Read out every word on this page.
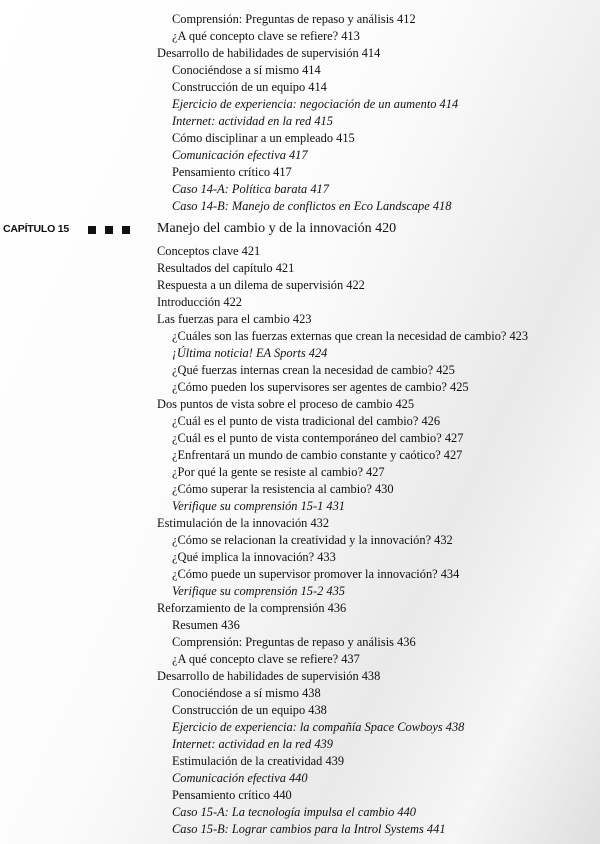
Comprensión: Preguntas de repaso y análisis 412
¿A qué concepto clave se refiere? 413
Desarrollo de habilidades de supervisión 414
Conociéndose a sí mismo 414
Construcción de un equipo 414
Ejercicio de experiencia: negociación de un aumento 414
Internet: actividad en la red 415
Cómo disciplinar a un empleado 415
Comunicación efectiva 417
Pensamiento crítico 417
Caso 14-A: Política barata 417
Caso 14-B: Manejo de conflictos en Eco Landscape 418
CAPÍTULO 15	Manejo del cambio y de la innovación 420
Conceptos clave 421
Resultados del capítulo 421
Respuesta a un dilema de supervisión 422
Introducción 422
Las fuerzas para el cambio 423
¿Cuáles son las fuerzas externas que crean la necesidad de cambio? 423
¡Última noticia! EA Sports 424
¿Qué fuerzas internas crean la necesidad de cambio? 425
¿Cómo pueden los supervisores ser agentes de cambio? 425
Dos puntos de vista sobre el proceso de cambio 425
¿Cuál es el punto de vista tradicional del cambio? 426
¿Cuál es el punto de vista contemporáneo del cambio? 427
¿Enfrentará un mundo de cambio constante y caótico? 427
¿Por qué la gente se resiste al cambio? 427
¿Cómo superar la resistencia al cambio? 430
Verifique su comprensión 15-1 431
Estimulación de la innovación 432
¿Cómo se relacionan la creatividad y la innovación? 432
¿Qué implica la innovación? 433
¿Cómo puede un supervisor promover la innovación? 434
Verifique su comprensión 15-2 435
Reforzamiento de la comprensión 436
Resumen 436
Comprensión: Preguntas de repaso y análisis 436
¿A qué concepto clave se refiere? 437
Desarrollo de habilidades de supervisión 438
Conociéndose a sí mismo 438
Construcción de un equipo 438
Ejercicio de experiencia: la compañía Space Cowboys 438
Internet: actividad en la red 439
Estimulación de la creatividad 439
Comunicación efectiva 440
Pensamiento crítico 440
Caso 15-A: La tecnología impulsa el cambio 440
Caso 15-B: Lograr cambios para la Introl Systems 441
